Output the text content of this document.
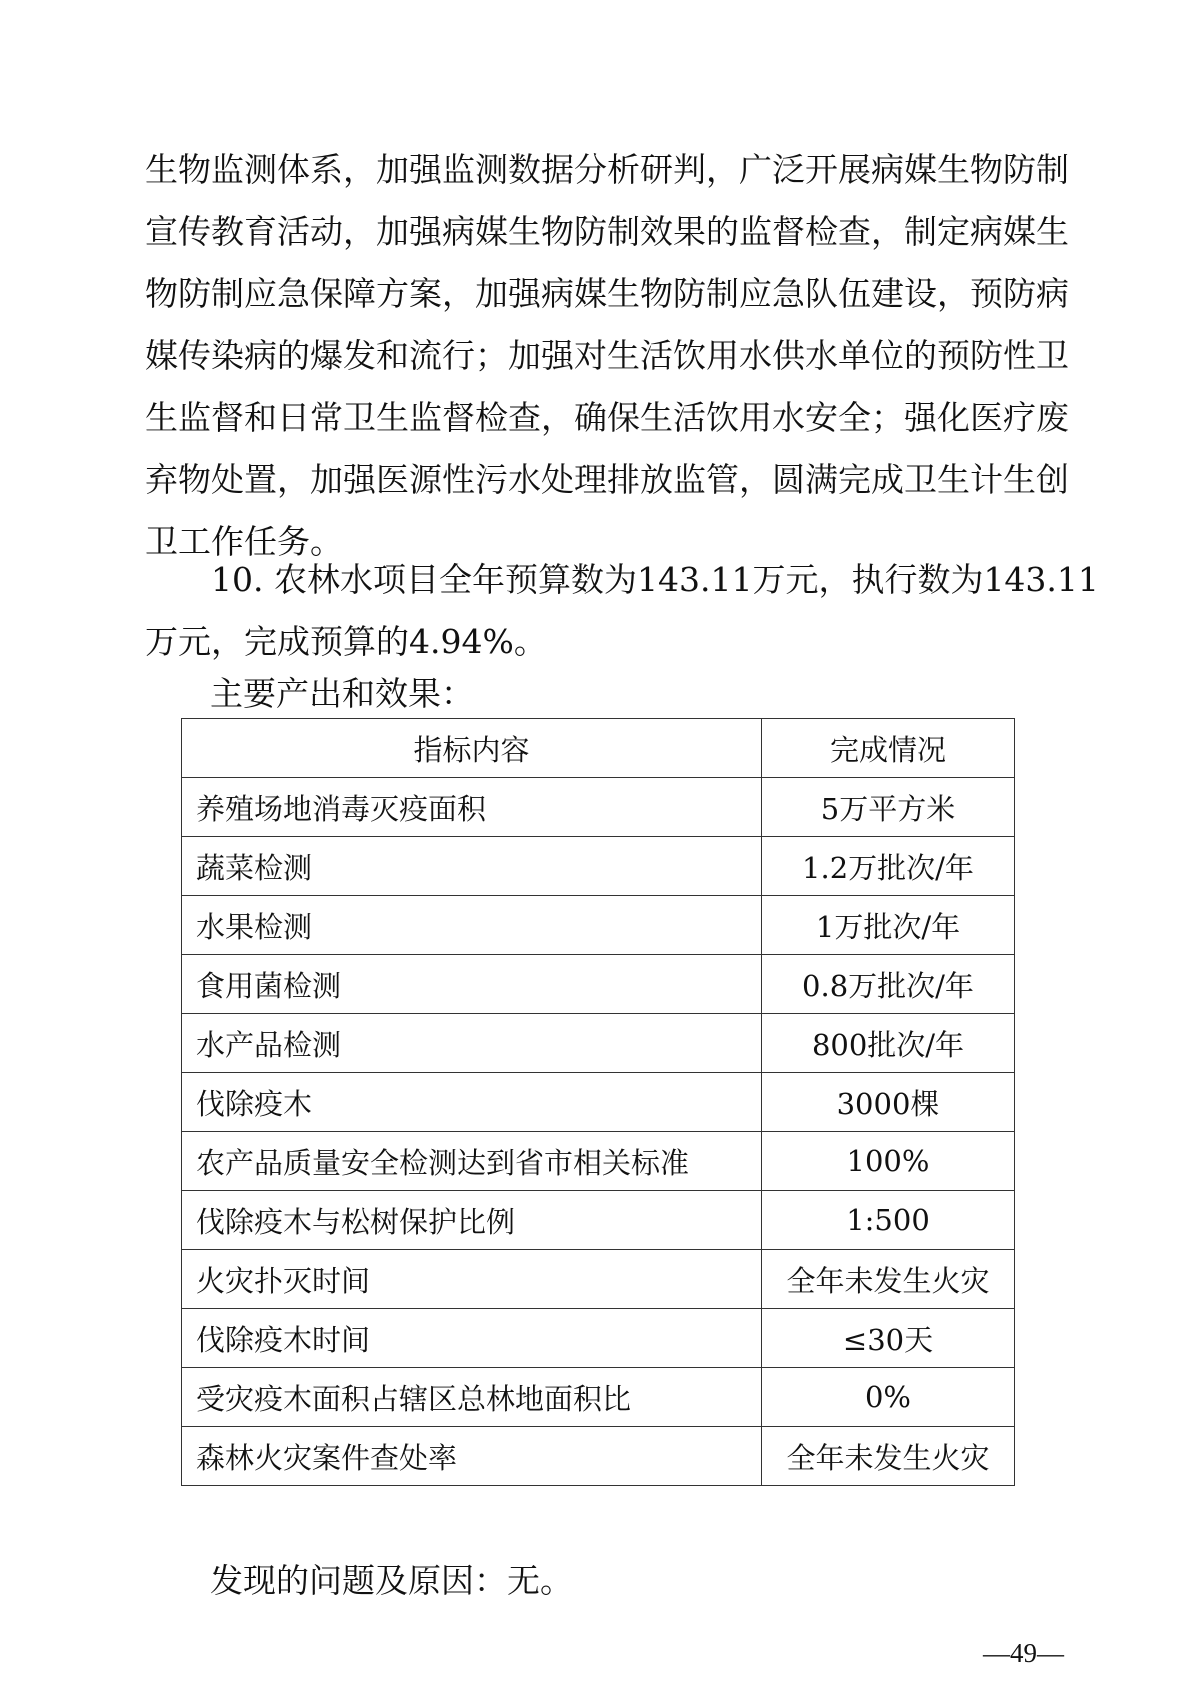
生物监测体系，加强监测数据分析研判，广泛开展病媒生物防制
宣传教育活动，加强病媒生物防制效果的监督检查，制定病媒生
物防制应急保障方案，加强病媒生物防制应急队伍建设，预防病
媒传染病的爆发和流行；加强对生活饮用水供水单位的预防性卫
生监督和日常卫生监督检查，确保生活饮用水安全；强化医疗废
弃物处置，加强医源性污水处理排放监管，圆满完成卫生计生创
卫工作任务。
10. 农林水项目全年预算数为143.11万元，执行数为143.11
万元，完成预算的4.94%。
主要产出和效果：
指标内容	完成情况
养殖场地消毒灭疫面积	5万平方米
蔬菜检测	1.2万批次/年
水果检测	1万批次/年
食用菌检测	0.8万批次/年
水产品检测	800批次/年
伐除疫木	3000棵
农产品质量安全检测达到省市相关标准	100%
伐除疫木与松树保护比例	1:500
火灾扑灭时间	全年未发生火灾
伐除疫木时间	≤30天
受灾疫木面积占辖区总林地面积比	0%
森林火灾案件查处率	全年未发生火灾
发现的问题及原因：无。
—49—
